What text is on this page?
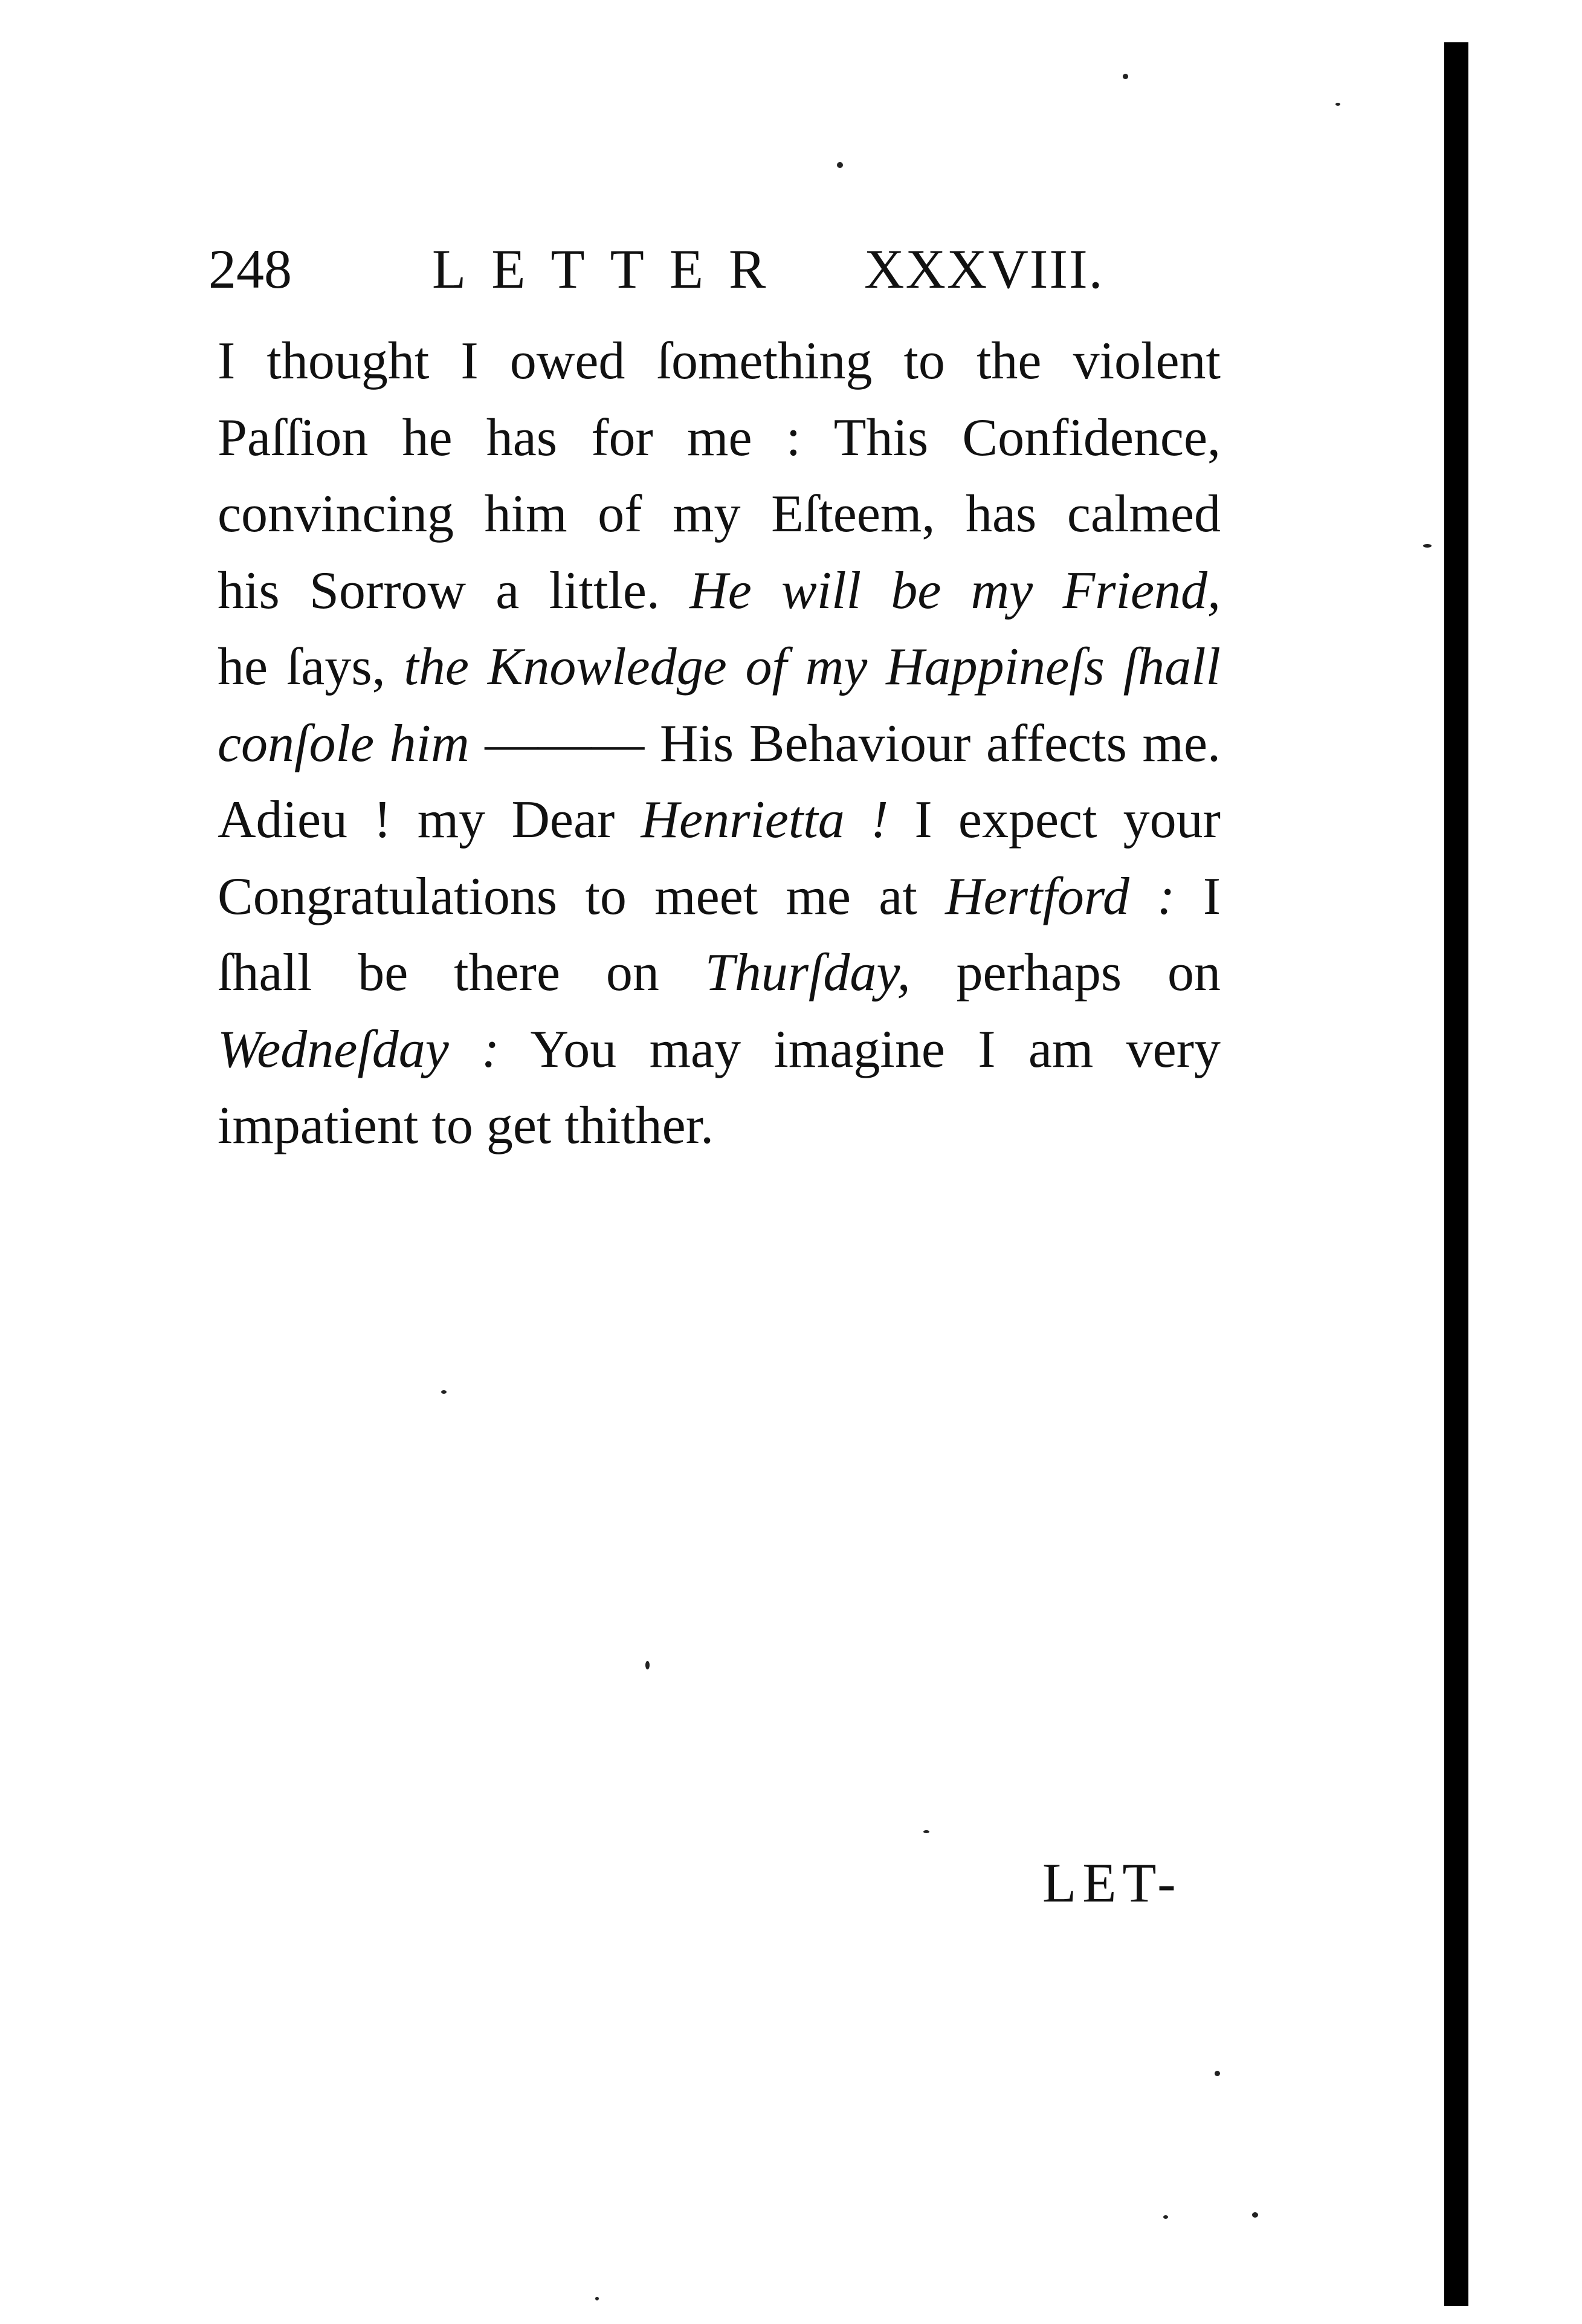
248	LETTER XXXVIII.
I thought I owed ſomething to the violent
Paſſion he has for me : This Confidence,
convincing him of my Eſteem, has calmed
his Sorrow a little. He will be my Friend,
he ſays, the Knowledge of my Happineſs ſhall
conſole him ——— His Behaviour affects me.
Adieu ! my Dear Henrietta ! I expect your
Congratulations to meet me at Hertford : I
ſhall be there on Thurſday, perhaps on
Wedneſday : You may imagine I am very
impatient to get thither.
LET-
